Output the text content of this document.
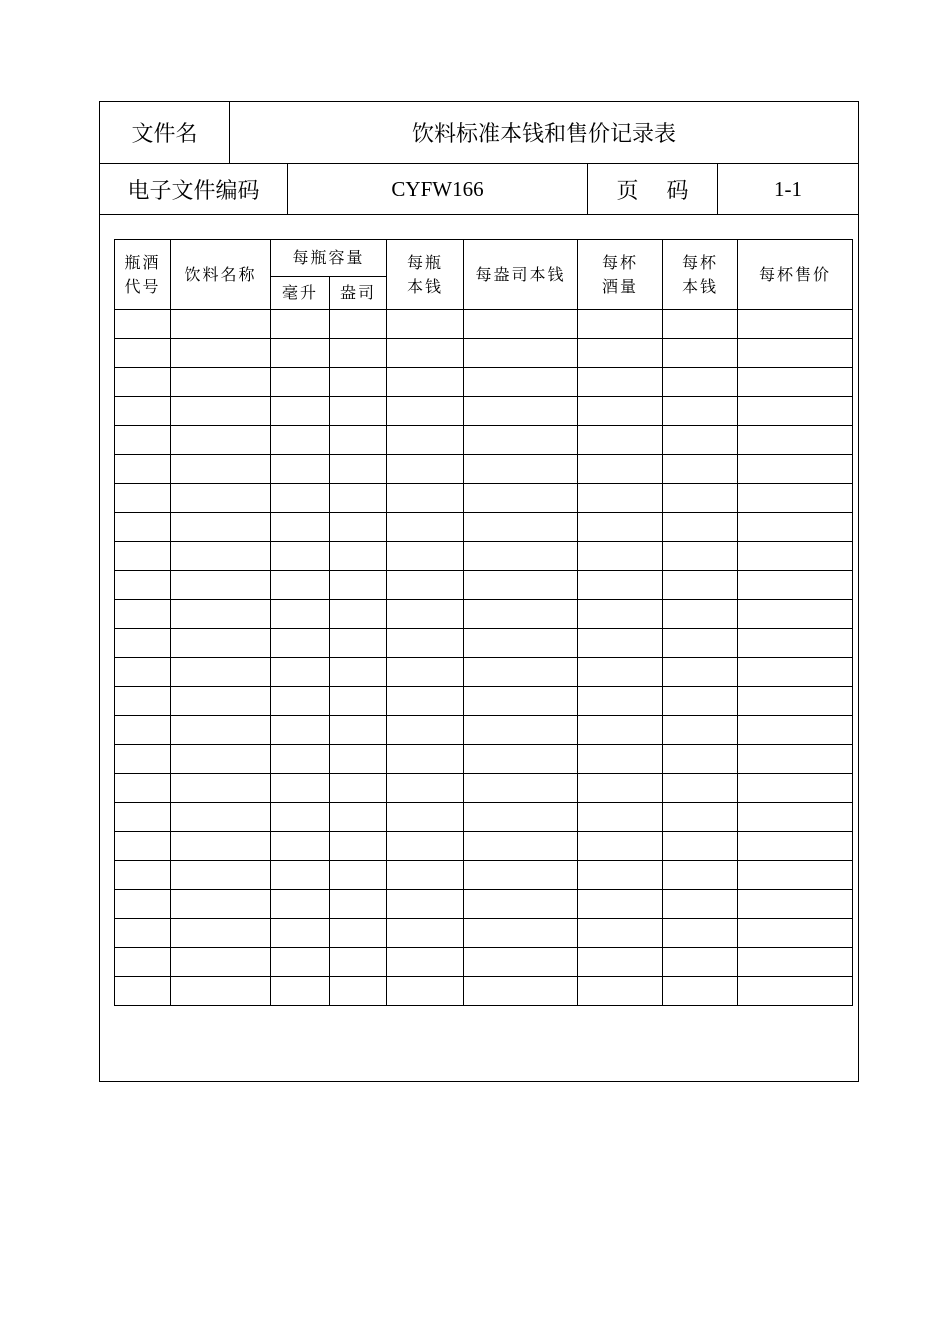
文件名	饮料标准本钱和售价记录表
电子文件编码	CYFW166	页    码	1-1
瓶酒代号	饮料名称	每瓶容量		每瓶本钱	每盎司本钱	每杯酒量	每杯本钱	每杯售价
		毫升	盎司					
